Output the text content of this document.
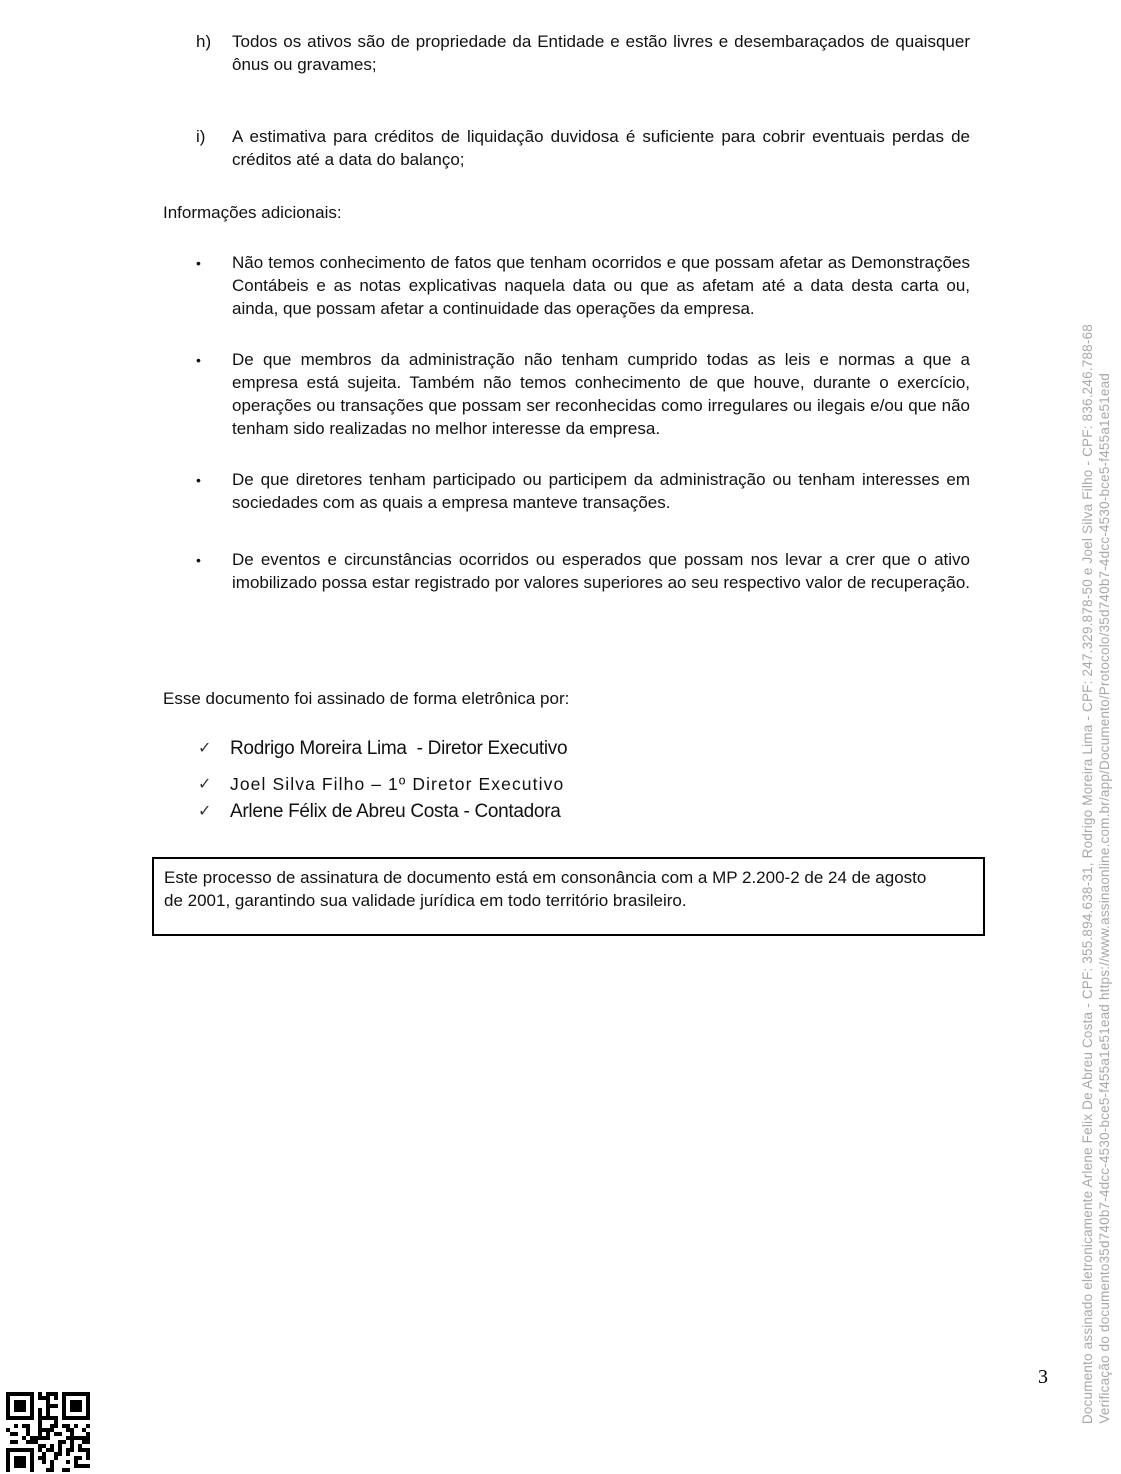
h)	Todos os ativos são de propriedade da Entidade e estão livres e desembaraçados de quaisquer ônus ou gravames;
i)	A estimativa para créditos de liquidação duvidosa é suficiente para cobrir eventuais perdas de créditos até a data do balanço;
Informações adicionais:
•	Não temos conhecimento de fatos que tenham ocorridos e que possam afetar as Demonstrações Contábeis e as notas explicativas naquela data ou que as afetam até a data desta carta ou, ainda, que possam afetar a continuidade das operações da empresa.
•	De que membros da administração não tenham cumprido todas as leis e normas a que a empresa está sujeita. Também não temos conhecimento de que houve, durante o exercício, operações ou transações que possam ser reconhecidas como irregulares ou ilegais e/ou que não tenham sido realizadas no melhor interesse da empresa.
•	De que diretores tenham participado ou participem da administração ou tenham interesses em sociedades com as quais a empresa manteve transações.
•	De eventos e circunstâncias ocorridos ou esperados que possam nos levar a crer que o ativo imobilizado possa estar registrado por valores superiores ao seu respectivo valor de recuperação.
Esse documento foi assinado de forma eletrônica por:
✓ Rodrigo Moreira Lima  - Diretor Executivo
✓	Joel Silva Filho – 1º Diretor Executivo
✓ Arlene Félix de Abreu Costa - Contadora
Este processo de assinatura de documento está em consonância com a MP 2.200-2 de 24 de agosto de 2001, garantindo sua validade jurídica em todo território brasileiro.	Documento assinado eletronicamente Arlene Felix De Abreu Costa - CPF: 355.894.638-31, Rodrigo Moreira Lima - CPF: 247.329.878-50 e Joel Silva Filho - CPF: 836.246.788-68 Verificação do documento35d740b7-4dcc-4530-bce5-f455a1e51ead https://www.assinaonline.com.br/app/Documento/Protocolo/35d740b7-4dcc-4530-bce5-f455a1e51ead
3
